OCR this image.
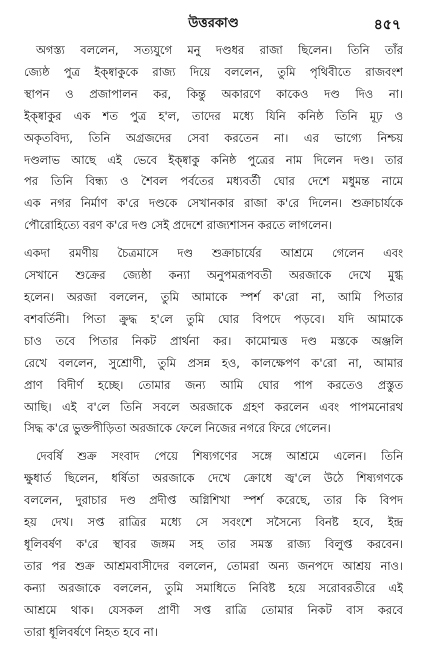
উত্তরকাণ্ড	৪৫৭
অগস্ত্য বললেন, সত্যযুগে মনু দণ্ডধর রাজা ছিলেন। তিনি তাঁর
জ্যেষ্ঠ পুত্র ইক্ষ্বাকুকে রাজ্য দিয়ে বললেন, তুমি পৃথিবীতে রাজবংশ
স্থাপন ও প্রজাপালন কর, কিন্তু অকারণে কাকেও দণ্ড দিও না।
ইক্ষ্বাকুর এক শত পুত্র হ'ল, তাদের মধ্যে যিনি কনিষ্ঠ তিনি মূঢ় ও
অকৃতবিদ্য, তিনি অগ্রজদের সেবা করতেন না। এর ভাগ্যে নিশ্চয়
দণ্ডলাভ আছে এই ভেবে ইক্ষ্বাকু কনিষ্ঠ পুত্রের নাম দিলেন দণ্ড। তার
পর তিনি বিন্ধ্য ও শৈবল পর্বতের মধ্যবর্তী ঘোর দেশে মধুমন্ত নামে
এক নগর নির্মাণ ক'রে দণ্ডকে সেখানকার রাজা ক'রে দিলেন। শুক্রাচার্যকে
পৌরোহিত্যে বরণ ক'রে দণ্ড সেই প্রদেশে রাজ্যশাসন করতে লাগলেন।
একদা রমণীয় চৈত্রমাসে দণ্ড শুক্রাচার্যের আশ্রমে গেলেন এবং
সেখানে শুক্রের জ্যেষ্ঠা কন্যা অনুপমরূপবতী অরজাকে দেখে মুগ্ধ
হলেন। অরজা বললেন, তুমি আমাকে স্পর্শ ক'রো না, আমি পিতার
বশবর্তিনী। পিতা ক্রুদ্ধ হ'লে তুমি ঘোর বিপদে পড়বে। যদি আমাকে
চাও তবে পিতার নিকট প্রার্থনা কর। কামোন্মত্ত দণ্ড মস্তকে অঞ্জলি
রেখে বললেন, সুশ্রোণী, তুমি প্রসন্ন হও, কালক্ষেপণ ক'রো না, আমার
প্রাণ বিদীর্ণ হচ্ছে। তোমার জন্য আমি ঘোর পাপ করতেও প্রস্তুত
আছি। এই ব'লে তিনি সবলে অরজাকে গ্রহণ করলেন এবং পাপমনোরথ
সিদ্ধ ক'রে ভুক্তপীড়িতা অরজাকে ফেলে নিজের নগরে ফিরে গেলেন।
দেবর্ষি শুক্র সংবাদ পেয়ে শিষ্যগণের সঙ্গে আশ্রমে এলেন। তিনি
ক্ষুধার্ত ছিলেন, ধর্ষিতা অরজাকে দেখে ক্রোধে জ্ব'লে উঠে শিষ্যগণকে
বললেন, দুরাচার দণ্ড প্রদীপ্ত অগ্নিশিখা স্পর্শ করেছে, তার কি বিপদ
হয় দেখ। সপ্ত রাত্রির মধ্যে সে সবংশে সসৈন্যে বিনষ্ট হবে, ইন্দ্র
ধূলিবর্ষণ ক'রে স্থাবর জঙ্গম সহ তার সমস্ত রাজ্য বিলুপ্ত করবেন।
তার পর শুক্র আশ্রমবাসীদের বললেন, তোমরা অন্য জনপদে আশ্রয় নাও।
কন্যা অরজাকে বললেন, তুমি সমাধিতে নিবিষ্ট হয়ে সরোবরতীরে এই
আশ্রমে থাক। যেসকল প্রাণী সপ্ত রাত্রি তোমার নিকট বাস করবে
তারা ধূলিবর্ষণে নিহত হবে না।
